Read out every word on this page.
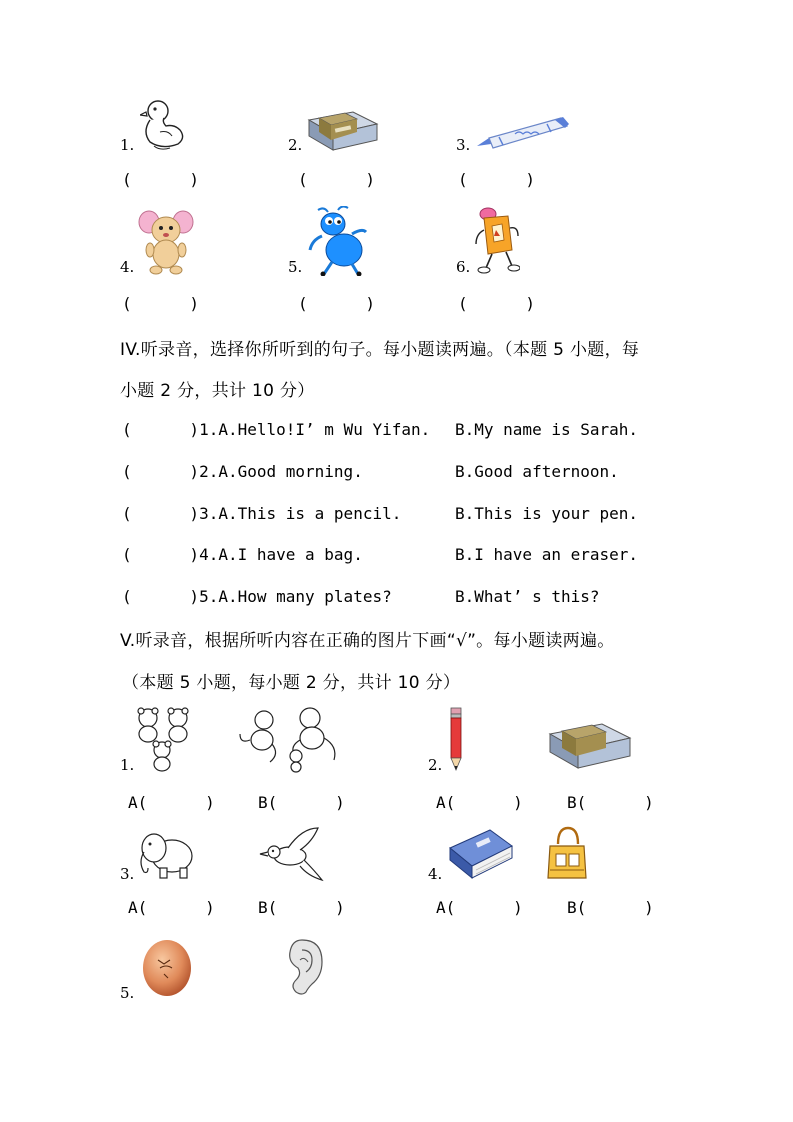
1.
(      )
2.
(      )
3.
(      )
4.
(      )
5.
(      )
6.
(      )
IV.听录音，选择你所听到的句子。每小题读两遍。（本题 5 小题，每
小题 2 分，共计 10 分）
(      )1.A.Hello!I’ m Wu Yifan. B.My name is Sarah.
(      )2.A.Good morning.	B.Good afternoon.
(      )3.A.This is a pencil.	B.This is your pen.
(      )4.A.I have a bag.	B.I have an eraser.
(      )5.A.How many plates?	B.What’ s this?
V.听录音，根据所听内容在正确的图片下画“√”。每小题读两遍。
（本题 5 小题，每小题 2 分，共计 10 分）
1.
A(      )	B(      )
2.
A(      )	B(      )
3.
A(      )	B(      )
4.
A(      )	B(      )
5.
